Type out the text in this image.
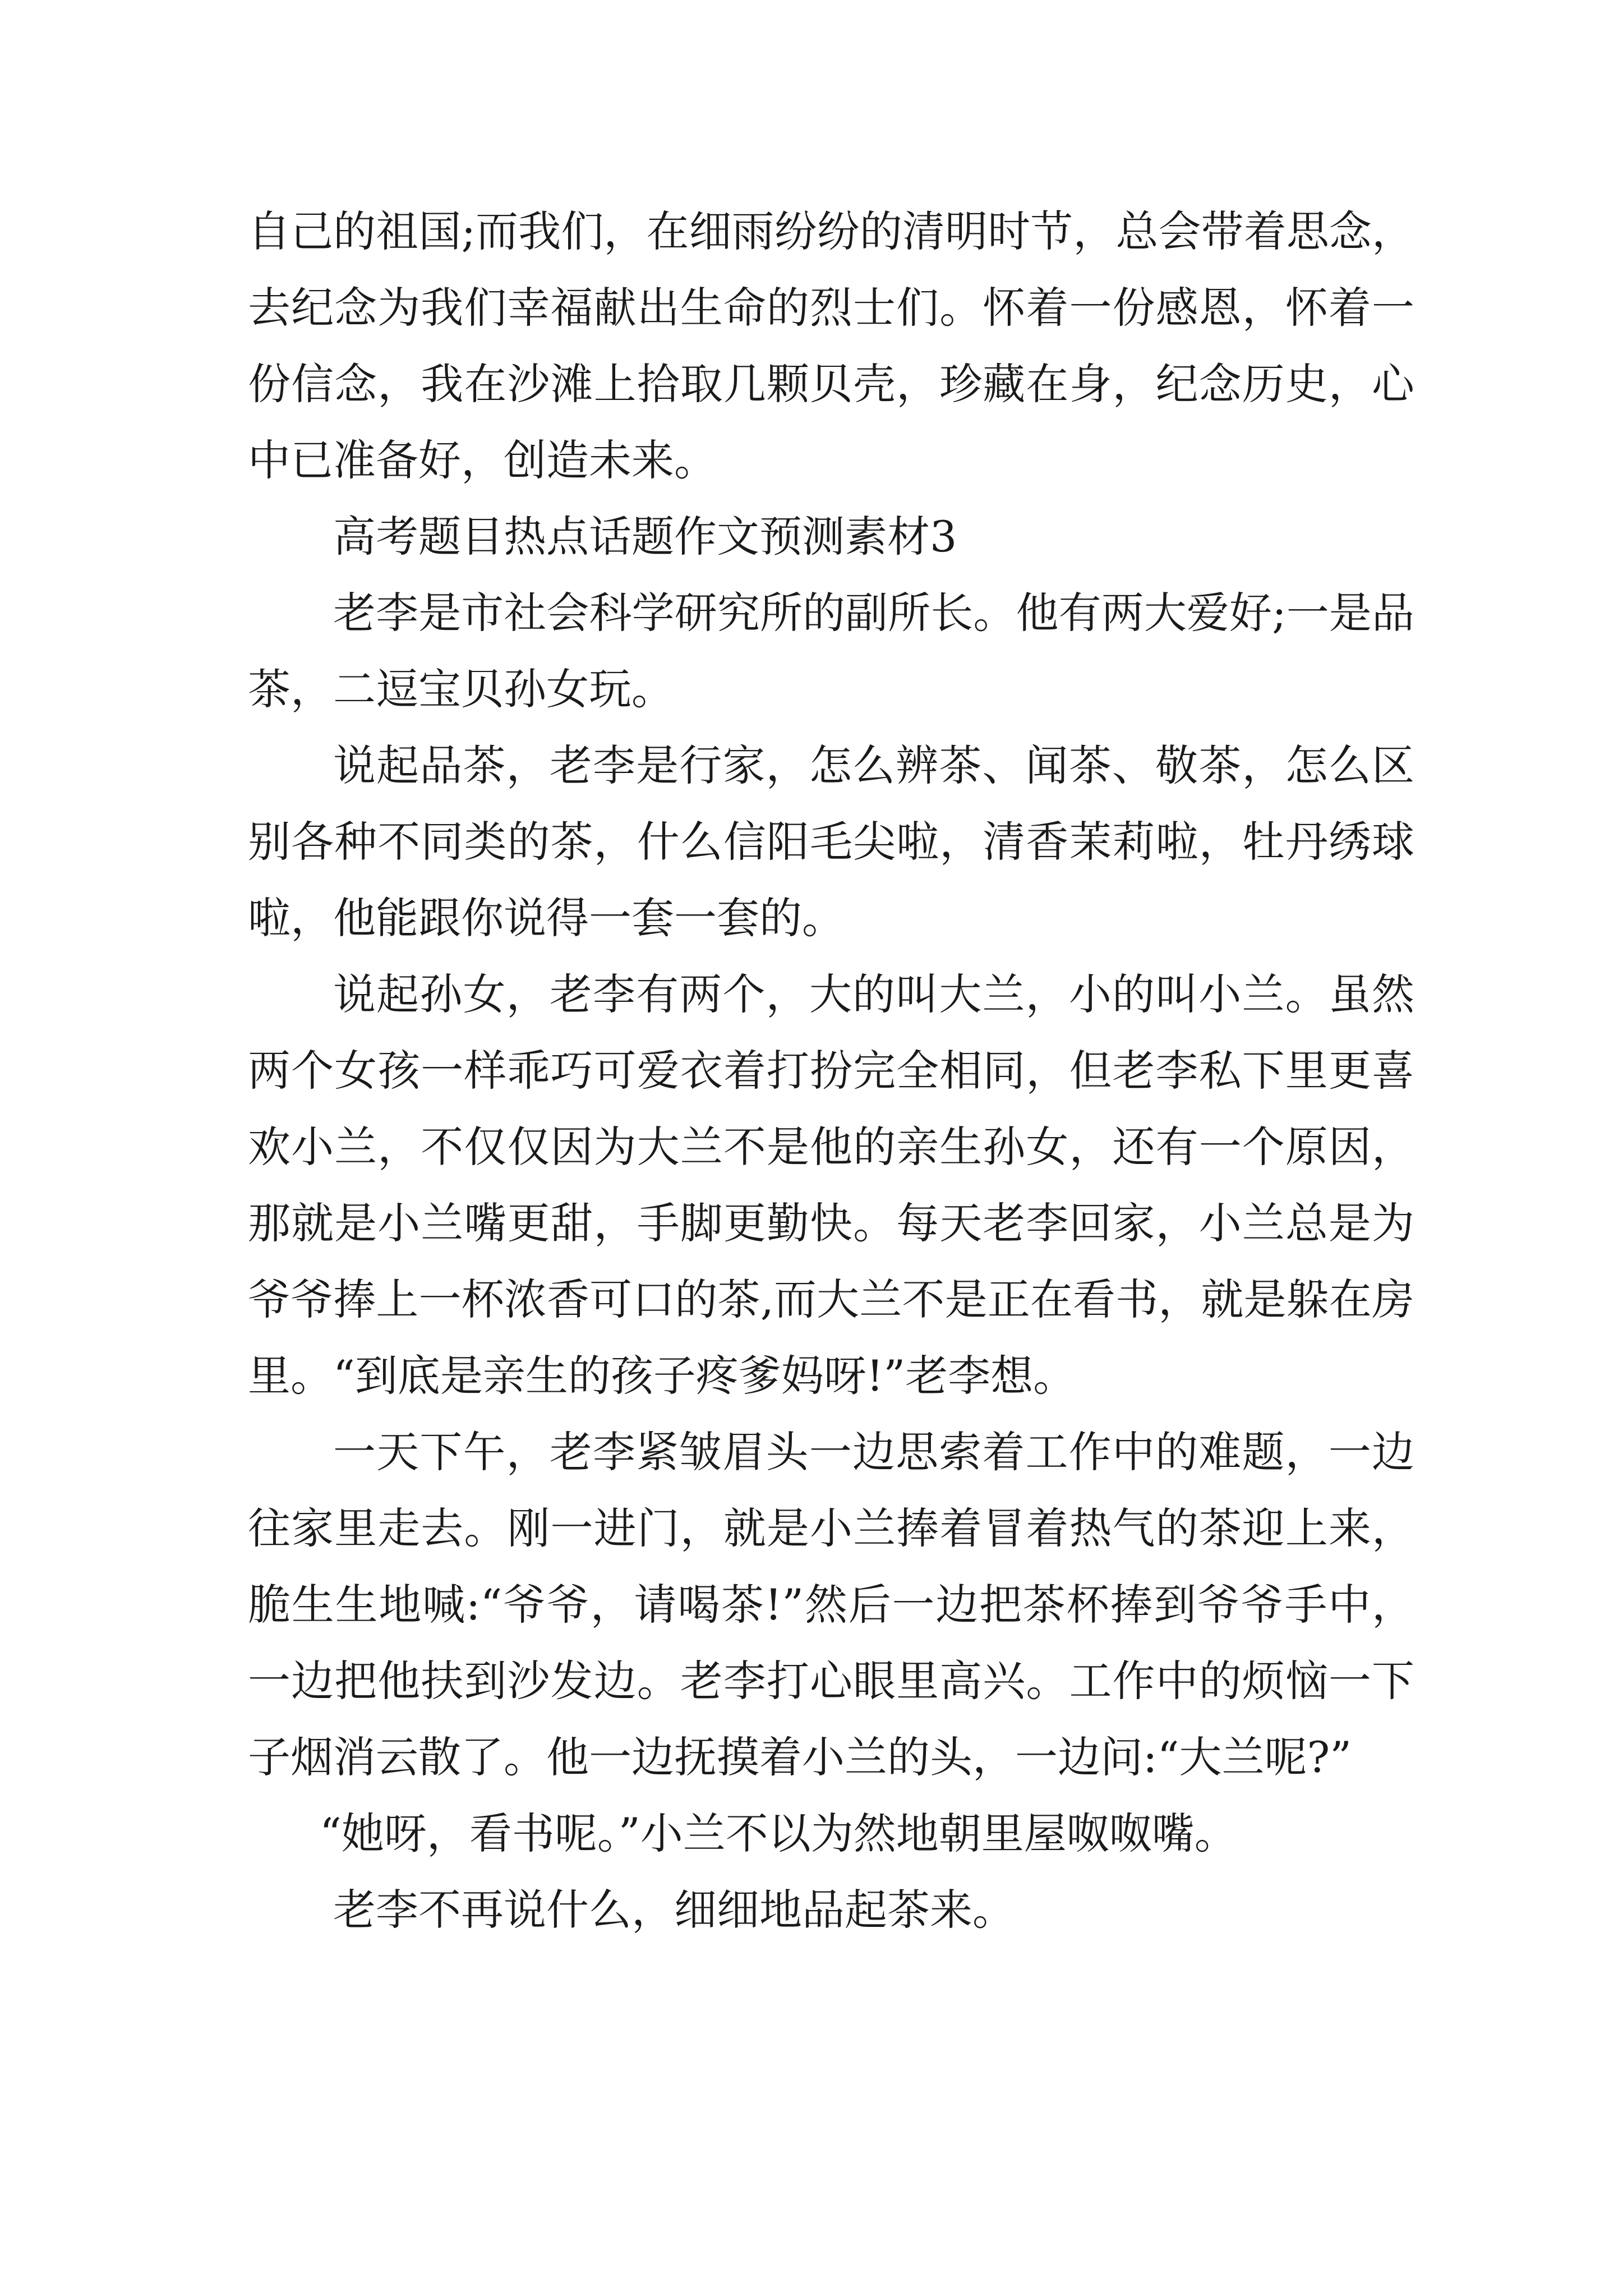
自己的祖国;而我们，在细雨纷纷的清明时节，总会带着思念，去纪念为我们幸福献出生命的烈士们。怀着一份感恩，怀着一份信念，我在沙滩上拾取几颗贝壳，珍藏在身，纪念历史，心中已准备好，创造未来。

高考题目热点话题作文预测素材3

老李是市社会科学研究所的副所长。他有两大爱好;一是品茶，二逗宝贝孙女玩。

说起品茶，老李是行家，怎么辨茶、闻茶、敬茶，怎么区别各种不同类的茶，什么信阳毛尖啦，清香茉莉啦，牡丹绣球啦，他能跟你说得一套一套的。

说起孙女，老李有两个，大的叫大兰，小的叫小兰。虽然两个女孩一样乖巧可爱衣着打扮完全相同，但老李私下里更喜欢小兰，不仅仅因为大兰不是他的亲生孙女，还有一个原因，那就是小兰嘴更甜，手脚更勤快。每天老李回家，小兰总是为爷爷捧上一杯浓香可口的茶,而大兰不是正在看书，就是躲在房里。“到底是亲生的孩子疼爹妈呀!”老李想。

一天下午，老李紧皱眉头一边思索着工作中的难题，一边往家里走去。刚一进门，就是小兰捧着冒着热气的茶迎上来，脆生生地喊:“爷爷，请喝茶!”然后一边把茶杯捧到爷爷手中，一边把他扶到沙发边。老李打心眼里高兴。工作中的烦恼一下子烟消云散了。他一边抚摸着小兰的头，一边问:“大兰呢?”

“她呀，看书呢。”小兰不以为然地朝里屋呶呶嘴。

老李不再说什么，细细地品起茶来。
